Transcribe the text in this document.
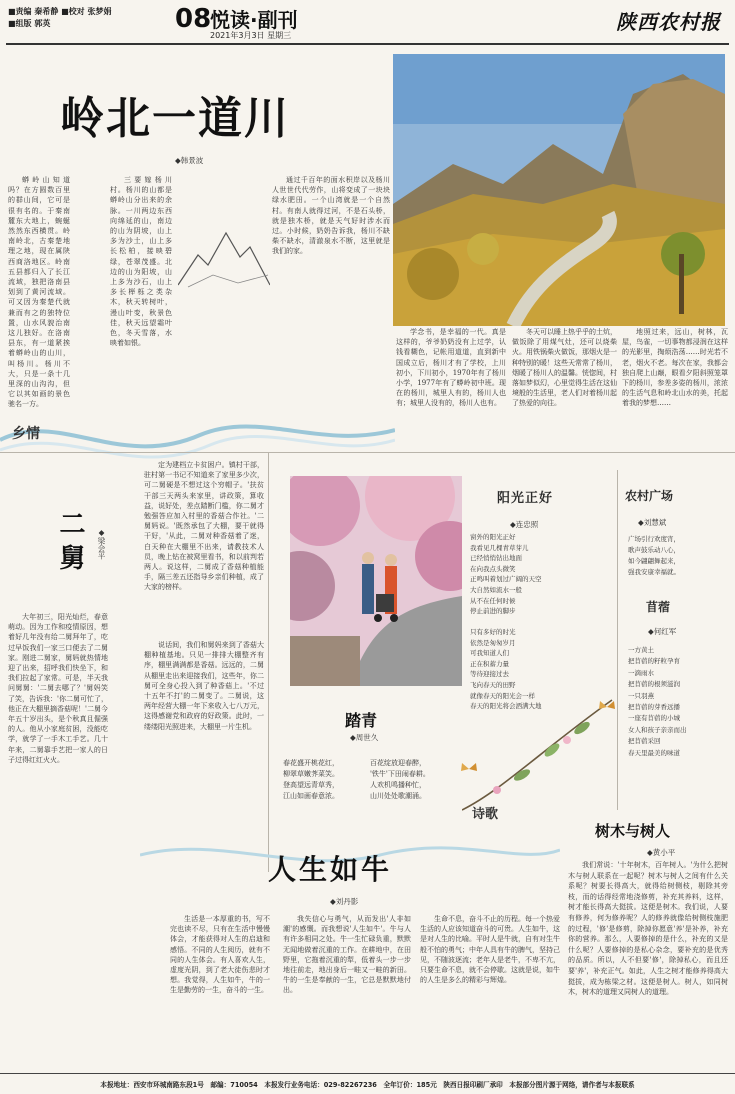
■责编 秦希静 ■校对 张梦娟
■组版 郭英	08
悦读·副刊
2021年3月3日 星期三
陕西农村报
岭北一道川
◆韩景波

蟒岭山知道吗？在方圆数百里的群山间，它可是很有名的。于秦南麓东大地上，蜿蜒然然东西横贯。岭南岭北，古秦楚地理之地，现在属陕西商洛地区。岭南五县都归入了长江流域，独把洛南县划到了黄河流域。可又因为秦楚代就兼而有之的独特位置，山水风貌治南这儿独好。在洛南县东，有一道紧挨着蟒岭山的山川，叫杨川。杨川不大，只是一条十几里深的山沟沟，但它以其如画的景色驰名一方。

三要嫁杨川村。杨川的山都是蟒岭山分出来的余脉。一川两边东西向绵延的山，南边的山为阴坡，山上多为沙土，山上多长松柏，接映碧绿，苍翠茂盛。北边的山为阳坡，山上多为沙石，山上多长榉栎之类杂木，秋天转树叶，漫山叶变，秋景色佳，秋天远望霜叶色，冬天雪落，水映着如银。

通过千百年的面水积岸以及杨川人世世代代劳作，山将变成了一块块绿水肥田。一个山湾就是一个自然村。有南人就得过河，不是石头桥，就是独木桥，就是天气好时涉水而过。小时候，奶奶告诉我，杨川不缺柴不缺水，清澈泉水不断，这里就是我们的家。

学念书，是幸福的一代。真是这样的，爷爷奶奶没有上过学，认钱看糊色，记帐用道道，直到新中国成立后，杨川才有了学校，上川初小，下川初小，1970年有了杨川小学，1977年有了蟒岭初中班。现在的杨川，城里人有的，杨川人也有；城里人没有的，杨川人也有。

冬天可以睡上热乎乎的土炕，做饭除了用煤气灶，还可以烧柴火。用铁锅柴火做饭，那烟火是一种特别的暖！这些天常常了杨川，烟暖了杨川人的温馨。恍惚间，村落如梦似幻，心里觉得生活在这仙境般的生活里，老人们对着杨川起了热爱的向往。

地照过来，远山，树林，瓦屋，鸟雀，一切事物都浸润在这样的光影里，掏烦浩荡……时光若不老，烟火不老。每次在家，我都会独自爬上山巅，眼看夕阳斜照笼罩下的杨川，参差多姿的杨川，浓浓的生活气息和岭北山水的美，托起着我的梦想……

乡情
二舅	◆梁会平

大年初三，阳光灿烂，春意萌动。因为工作和疫情原因，想着好几年没有给二舅拜年了，吃过早饭我们一家三口便去了二舅家。刚进二舅家，舅妈就热情地迎了出来，招呼我们快坐下，和我们拉起了家常。可是，半天我问舅舅：'二舅去哪了？'舅妈笑了笑，告诉我：'你二舅可忙了，他正在大棚里摘香菇呢！'二舅今年五十岁出头，是个秋真且倔强的人。他从小家庭贫困，没能吃学，就学了一手木工手艺。几十年来，二舅靠手艺把一家人的日子过得红红火火。

定为建档立卡贫困户。镇村干部，驻村第一书记不知道来了家里多少次，可二舅硬是不想过这个穷帽子。'扶贫干部三天两头来家里，讲政策，算收益，说好处，差点踏断门槛，你二舅才勉强答应加入村里的香菇合作社。'二舅妈说。'既然承包了大棚，要干就得干好，'从此，二舅对种香菇着了迷，白天种在大棚里不出来，请教技术人员，晚上钻在被窝里看书，和以前判若两人。说这样，二舅成了香菇种植能手，隔三差五还指导乡亲们种植，成了大家的榜样。

说话间，我们和舅妈来到了香菇大棚种植基地。只见一排排大棚整齐有序，棚里满满都是香菇。远远的，二舅从棚里走出来迎接我们，这些年，你二舅可全身心投入到了种香菇上。'不过十五年不打'的二舅变了。二舅说，这两年经营大棚一年下来收入七八万元，这得感谢党和政府的好政策。此时，一缕缕阳光照进来，大棚里一片生机。	踏青
◆周世久
春花盛开桃花红，
柳翠草嫩荠菜笑。
登高望远青草秀，
江山如画春意浓。
百花绽放迎春醉，
'铁牛'下田闹春耕。
人欢机鸣播种忙，
山川处处歌潮涌。
阳光正好
◆连忠照
窗外的阳光正好
我看见几棵青草芽儿
已经悄悄钻出地面
在向我点头微笑
正鸣叫着划过广阔的天空
大自然如流水一般
从不在任何时候
停止前进的脚步
只有多好的时光
依然是匆匆岁月
可我知道人们
正在积蓄力量
等待迎接过去
飞向春天的田野
就像春天的阳光会一样
春天的阳光将会洒满大地
农村广场
◆刘慧斌
广场引行欢度宵，
歌声鼓乐动八心，
如今翩翩舞起来，
强我安康幸福就。
苜蓿
◆何红军
一方黄土
把苜蓿的籽粒孕育
一滴雨水
把苜蓿的根须滋润
一只羽燕
把苜蓿的芽香远播
一座有苜蓿的小城
女人和孩子亲亲而出
把苜蓿采回
春天里最美的味道
诗歌
树木与树人
◆黄小平

我们常说：'十年树木，百年树人。'为什么把树木与树人联系在一起呢？树木与树人之间有什么关系呢？树要长得高大，就得给树侧枝，剔除其旁枝，而的话得经常地浇修剪，补充其养料，这样，树才能长得高大挺拔。这便是树木。我们说，人要有修养，何为修养呢？人的修养就像给树侧枝施肥的过程，'修'是修剪，除掉你愿意'养'是补养，补充你的营养。那么，人要修掉的是什么，补充的又是什么呢？人要修掉的是私心杂念，要补充的是优秀的品质。所以，人不但要'修'，除掉私心，而且还要'养'，补充正气。如此，人生之树才能修养得高大挺拔，成为栋梁之材。这便是树人。树人，如同树木，树木的道理又同树人的道理。

人生如牛
◆刘丹影

生活是一本厚重的书，写不完也读不尽，只有在生活中慢慢体会，才能获得对人生的启迪和感悟。不同的人生阅历，就有不同的人生体会。有人喜欢人生，虚度光阴，到了老大徒伤悲时才想。我觉得，人生如牛，牛的一生是勤劳的一生，奋斗的一生。

我失信心与勇气，从而发出'人非如潮'的感慨。而我想说'人生如牛'。牛与人有许多相同之处。牛一生忙碌负重，默默无闻地做着沉重的工作。在耕地中，在田野里，它拖着沉重的犁，低着头一步一步地往前走，地出身后一畦又一畦的新田。牛的一生是奉献的一生，它总是默默地付出。

生命不息，奋斗不止的历程。每一个热爱生活的人应该知道奋斗的可贵。人生如牛，这是对人生的比喻。平时人是牛就，自有对生牛般不怕的勇气；中年人具有牛的脾气，坚持己见，不随波逐流；老年人是老牛，不卑不亢，只要生命不息，就不会停歇。这就是说，如牛的人生是多么的精彩与辉煌。

本报地址：西安市环城南路东段1号　邮编：710054　本报发行业务电话：029-82267236　全年订价：185元　陕西日报印刷厂承印　本报部分图片源于网络，请作者与本报联系
